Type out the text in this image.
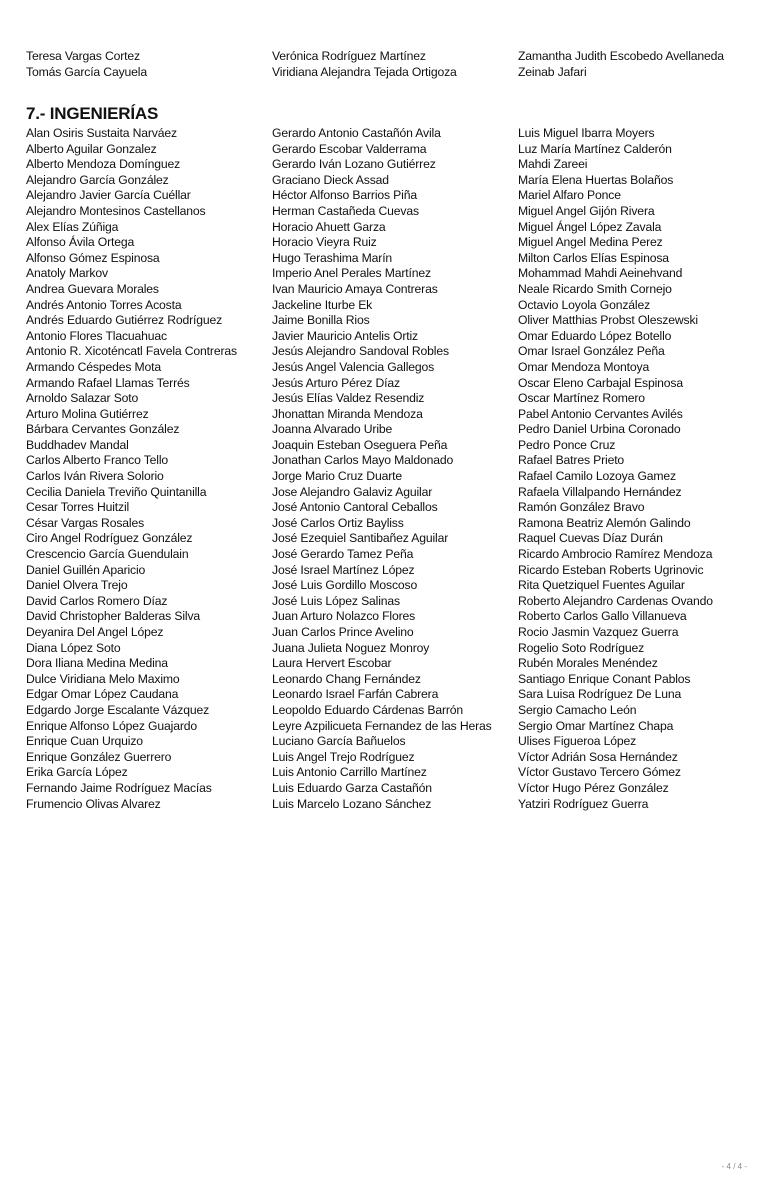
Teresa Vargas Cortez
Tomás García Cayuela
Verónica Rodríguez Martínez
Viridiana Alejandra Tejada Ortigoza
Zamantha Judith Escobedo Avellaneda
Zeinab Jafari
7.- INGENIERÍAS
Alan Osiris Sustaita Narváez
Alberto Aguilar Gonzalez
Alberto Mendoza Domínguez
Alejandro García González
Alejandro Javier García Cuéllar
Alejandro Montesinos Castellanos
Alex Elías Zúñiga
Alfonso Ávila Ortega
Alfonso Gómez Espinosa
Anatoly Markov
Andrea Guevara Morales
Andrés Antonio Torres Acosta
Andrés Eduardo Gutiérrez Rodríguez
Antonio Flores Tlacuahuac
Antonio R. Xicoténcatl Favela Contreras
Armando Céspedes Mota
Armando Rafael Llamas Terrés
Arnoldo Salazar Soto
Arturo Molina Gutiérrez
Bárbara Cervantes González
Buddhadev Mandal
Carlos Alberto Franco Tello
Carlos Iván Rivera Solorio
Cecilia Daniela Treviño Quintanilla
Cesar Torres Huitzil
César Vargas Rosales
Ciro Angel Rodríguez González
Crescencio García Guendulain
Daniel Guillén Aparicio
Daniel Olvera Trejo
David Carlos Romero Díaz
David Christopher Balderas Silva
Deyanira Del Angel López
Diana López Soto
Dora Iliana Medina Medina
Dulce Viridiana Melo Maximo
Edgar Omar López Caudana
Edgardo Jorge Escalante Vázquez
Enrique Alfonso López Guajardo
Enrique Cuan Urquizo
Enrique González Guerrero
Erika García López
Fernando Jaime Rodríguez Macías
Frumencio Olivas Alvarez
Gerardo Antonio Castañón Avila
Gerardo Escobar Valderrama
Gerardo Iván Lozano Gutiérrez
Graciano Dieck Assad
Héctor Alfonso Barrios Piña
Herman Castañeda Cuevas
Horacio Ahuett Garza
Horacio Vieyra Ruiz
Hugo Terashima Marín
Imperio Anel Perales Martínez
Ivan Mauricio Amaya Contreras
Jackeline Iturbe Ek
Jaime Bonilla Rios
Javier Mauricio Antelis Ortiz
Jesús Alejandro Sandoval Robles
Jesús Angel Valencia Gallegos
Jesús Arturo Pérez Díaz
Jesús Elías Valdez Resendiz
Jhonattan Miranda Mendoza
Joanna Alvarado Uribe
Joaquin Esteban Oseguera Peña
Jonathan Carlos Mayo Maldonado
Jorge Mario Cruz Duarte
Jose Alejandro Galaviz Aguilar
José Antonio Cantoral Ceballos
José Carlos Ortiz Bayliss
José Ezequiel Santibañez Aguilar
José Gerardo Tamez Peña
José Israel Martínez López
José Luis Gordillo Moscoso
José Luis López Salinas
Juan Arturo Nolazco Flores
Juan Carlos Prince Avelino
Juana Julieta Noguez Monroy
Laura Hervert Escobar
Leonardo Chang Fernández
Leonardo Israel Farfán Cabrera
Leopoldo Eduardo Cárdenas Barrón
Leyre Azpilicueta Fernandez de las Heras
Luciano García Bañuelos
Luis Angel Trejo Rodríguez
Luis Antonio Carrillo Martínez
Luis Eduardo Garza Castañón
Luis Marcelo Lozano Sánchez
Luis Miguel Ibarra Moyers
Luz María Martínez Calderón
Mahdi Zareei
María Elena Huertas Bolaños
Mariel Alfaro Ponce
Miguel Angel Gijón Rivera
Miguel Ángel López Zavala
Miguel Angel Medina Perez
Milton Carlos Elías Espinosa
Mohammad Mahdi Aeinehvand
Neale Ricardo Smith Cornejo
Octavio Loyola González
Oliver Matthias Probst Oleszewski
Omar Eduardo López Botello
Omar Israel González Peña
Omar Mendoza Montoya
Oscar Eleno Carbajal Espinosa
Oscar Martínez Romero
Pabel Antonio Cervantes Avilés
Pedro Daniel Urbina Coronado
Pedro Ponce Cruz
Rafael Batres Prieto
Rafael Camilo Lozoya Gamez
Rafaela Villalpando Hernández
Ramón González Bravo
Ramona Beatriz Alemón Galindo
Raquel Cuevas Díaz Durán
Ricardo Ambrocio Ramírez Mendoza
Ricardo Esteban Roberts Ugrinovic
Rita Quetziquel Fuentes Aguilar
Roberto Alejandro Cardenas Ovando
Roberto Carlos Gallo Villanueva
Rocio Jasmin Vazquez Guerra
Rogelio Soto Rodríguez
Rubén Morales Menéndez
Santiago Enrique Conant Pablos
Sara Luisa Rodríguez De Luna
Sergio Camacho León
Sergio Omar Martínez Chapa
Ulises Figueroa López
Víctor Adrián Sosa Hernández
Víctor Gustavo Tercero Gómez
Víctor Hugo Pérez González
Yatziri Rodríguez Guerra
- 4 / 4 -
